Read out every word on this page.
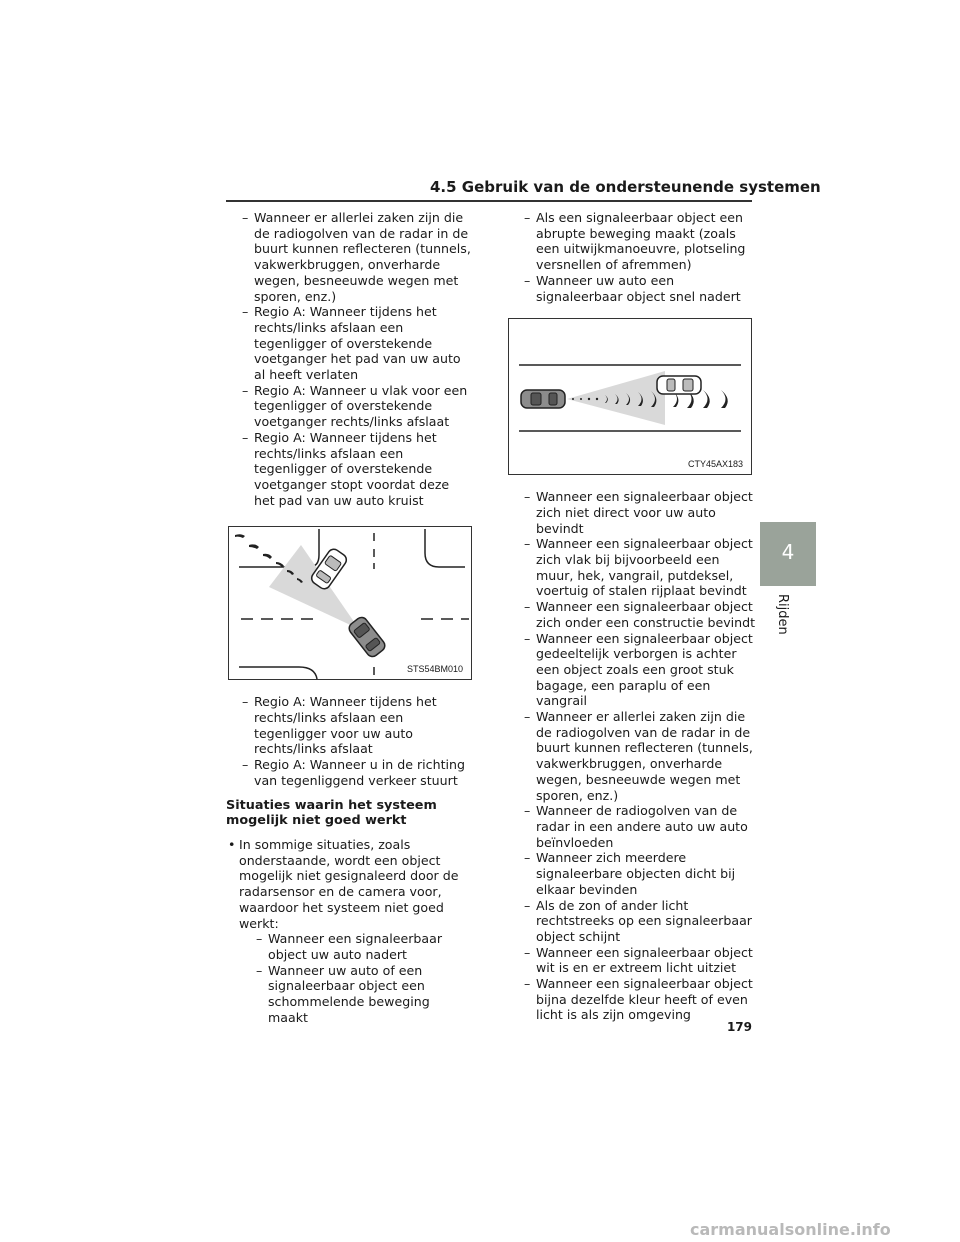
4.5 Gebruik van de ondersteunende systemen

– Wanneer er allerlei zaken zijn die de radiogolven van de radar in de buurt kunnen reflecteren (tunnels, vakwerkbruggen, onverharde wegen, besneeuwde wegen met sporen, enz.)

– Regio A: Wanneer tijdens het rechts/links afslaan een tegenligger of overstekende voetganger het pad van uw auto al heeft verlaten

– Regio A: Wanneer u vlak voor een tegenligger of overstekende voetganger rechts/links afslaat

– Regio A: Wanneer tijdens het rechts/links afslaan een tegenligger of overstekende voetganger stopt voordat deze het pad van uw auto kruist

STS54BM010

– Regio A: Wanneer tijdens het rechts/links afslaan een tegenligger voor uw auto rechts/links afslaat

– Regio A: Wanneer u in de richting van tegenliggend verkeer stuurt

Situaties waarin het systeem mogelijk niet goed werkt
• In sommige situaties, zoals onderstaande, wordt een object mogelijk niet gesignaleerd door de radarsensor en de camera voor, waardoor het systeem niet goed werkt:

– Wanneer een signaleerbaar object uw auto nadert

– Wanneer uw auto of een signaleerbaar object een schommelende beweging maakt

– Als een signaleerbaar object een abrupte beweging maakt (zoals een uitwijkmanoeuvre, plotseling versnellen of afremmen)

– Wanneer uw auto een signaleerbaar object snel nadert

CTY45AX183

– Wanneer een signaleerbaar object zich niet direct voor uw auto bevindt

– Wanneer een signaleerbaar object zich vlak bij bijvoorbeeld een muur, hek, vangrail, putdeksel, voertuig of stalen rijplaat bevindt

– Wanneer een signaleerbaar object zich onder een constructie bevindt

– Wanneer een signaleerbaar object gedeeltelijk verborgen is achter een object zoals een groot stuk bagage, een paraplu of een vangrail

– Wanneer er allerlei zaken zijn die de radiogolven van de radar in de buurt kunnen reflecteren (tunnels, vakwerkbruggen, onverharde wegen, besneeuwde wegen met sporen, enz.)

– Wanneer de radiogolven van de radar in een andere auto uw auto beïnvloeden

– Wanneer zich meerdere signaleerbare objecten dicht bij elkaar bevinden

– Als de zon of ander licht rechtstreeks op een signaleerbaar object schijnt

– Wanneer een signaleerbaar object wit is en er extreem licht uitziet

– Wanneer een signaleerbaar object bijna dezelfde kleur heeft of even licht is als zijn omgeving

4
Rijden
179
carmanualsonline.info
